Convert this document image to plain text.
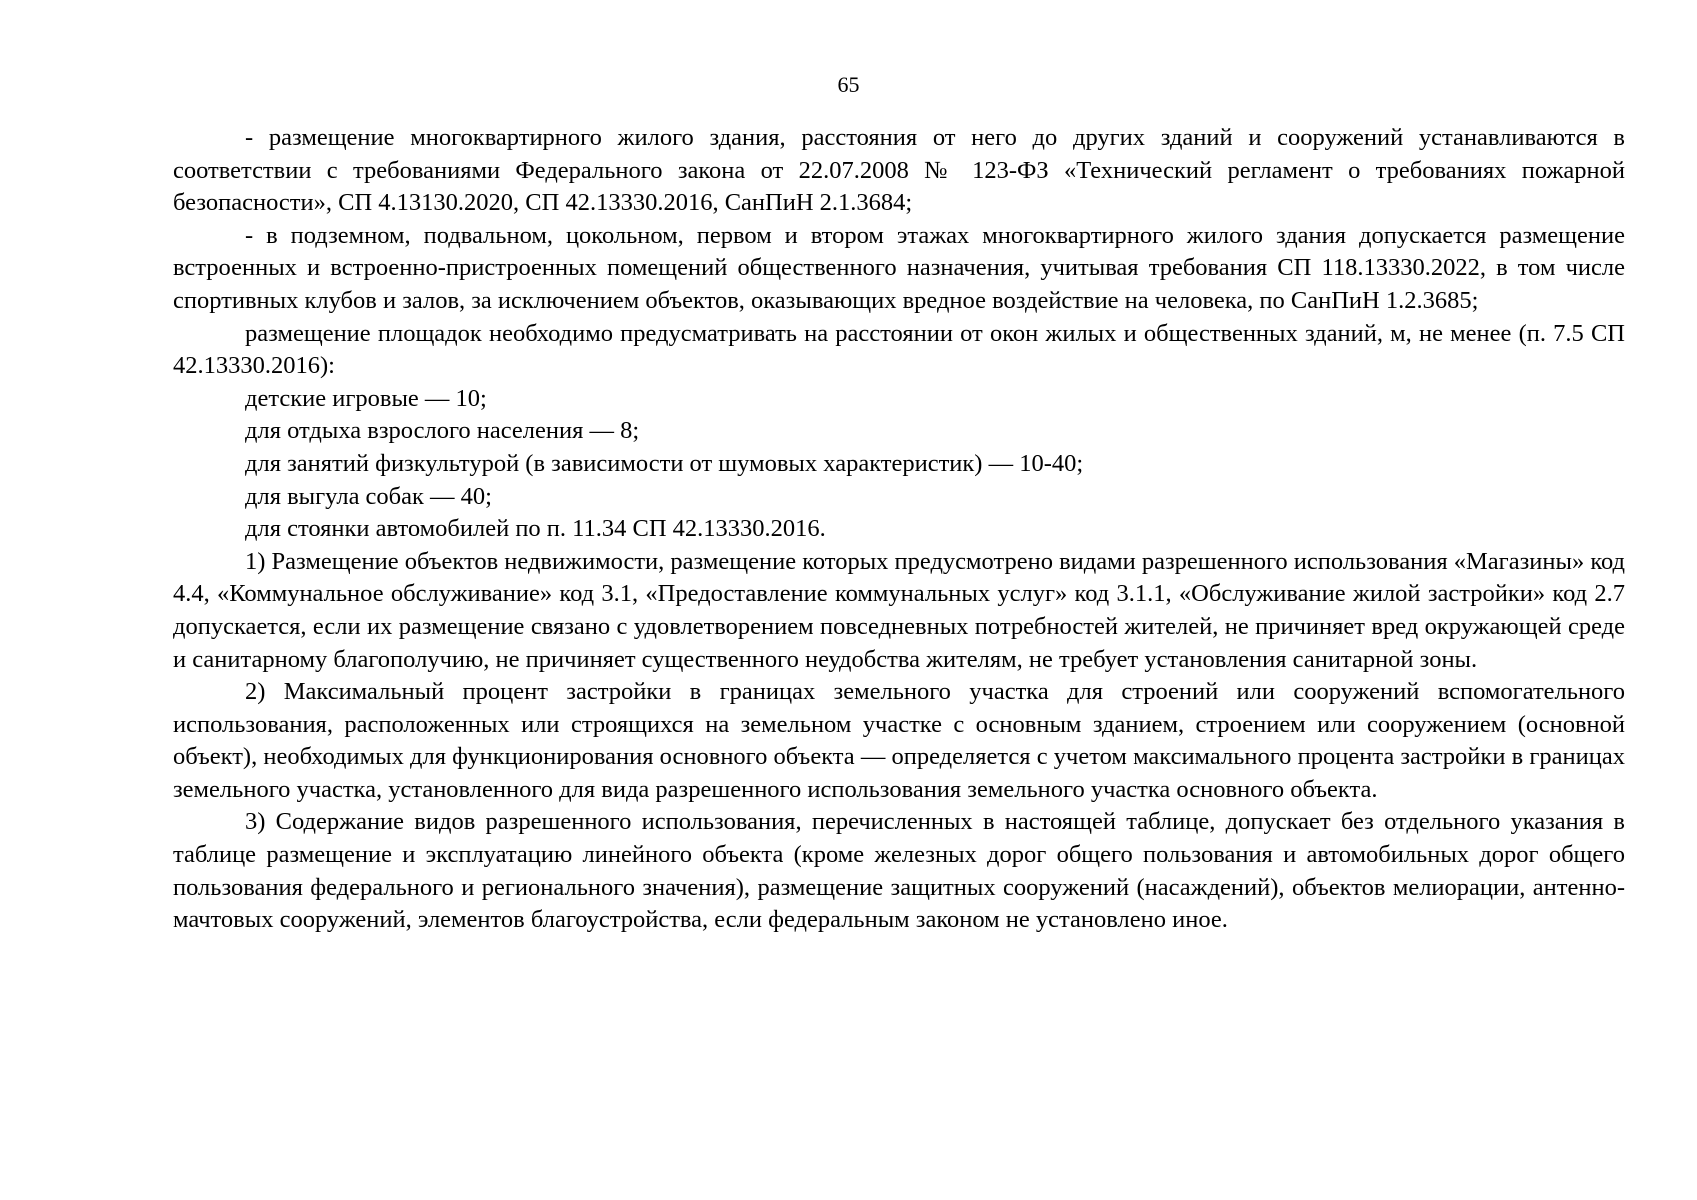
65

- размещение многоквартирного жилого здания, расстояния от него до других зданий и сооружений устанавливаются в соответствии с требованиями Федерального закона от 22.07.2008 № 123-ФЗ «Технический регламент о требованиях пожарной безопасности», СП 4.13130.2020, СП 42.13330.2016, СанПиН 2.1.3684;

- в подземном, подвальном, цокольном, первом и втором этажах многоквартирного жилого здания допускается размещение встроенных и встроенно-пристроенных помещений общественного назначения, учитывая требования СП 118.13330.2022, в том числе спортивных клубов и залов, за исключением объектов, оказывающих вредное воздействие на человека, по СанПиН 1.2.3685;

размещение площадок необходимо предусматривать на расстоянии от окон жилых и общественных зданий, м, не менее (п. 7.5 СП 42.13330.2016):

детские игровые — 10;

для отдыха взрослого населения — 8;

для занятий физкультурой (в зависимости от шумовых характеристик) — 10-40;

для выгула собак — 40;

для стоянки автомобилей по п. 11.34 СП 42.13330.2016.

1) Размещение объектов недвижимости, размещение которых предусмотрено видами разрешенного использования «Магазины» код 4.4, «Коммунальное обслуживание» код 3.1, «Предоставление коммунальных услуг» код 3.1.1, «Обслуживание жилой застройки» код 2.7 допускается, если их размещение связано с удовлетворением повседневных потребностей жителей, не причиняет вред окружающей среде и санитарному благополучию, не причиняет существенного неудобства жителям, не требует установления санитарной зоны.

2) Максимальный процент застройки в границах земельного участка для строений или сооружений вспомогательного использования, расположенных или строящихся на земельном участке с основным зданием, строением или сооружением (основной объект), необходимых для функционирования основного объекта — определяется с учетом максимального процента застройки в границах земельного участка, установленного для вида разрешенного использования земельного участка основного объекта.

3) Содержание видов разрешенного использования, перечисленных в настоящей таблице, допускает без отдельного указания в таблице размещение и эксплуатацию линейного объекта (кроме железных дорог общего пользования и автомобильных дорог общего пользования федерального и регионального значения), размещение защитных сооружений (насаждений), объектов мелиорации, антенно-мачтовых сооружений, элементов благоустройства, если федеральным законом не установлено иное.
